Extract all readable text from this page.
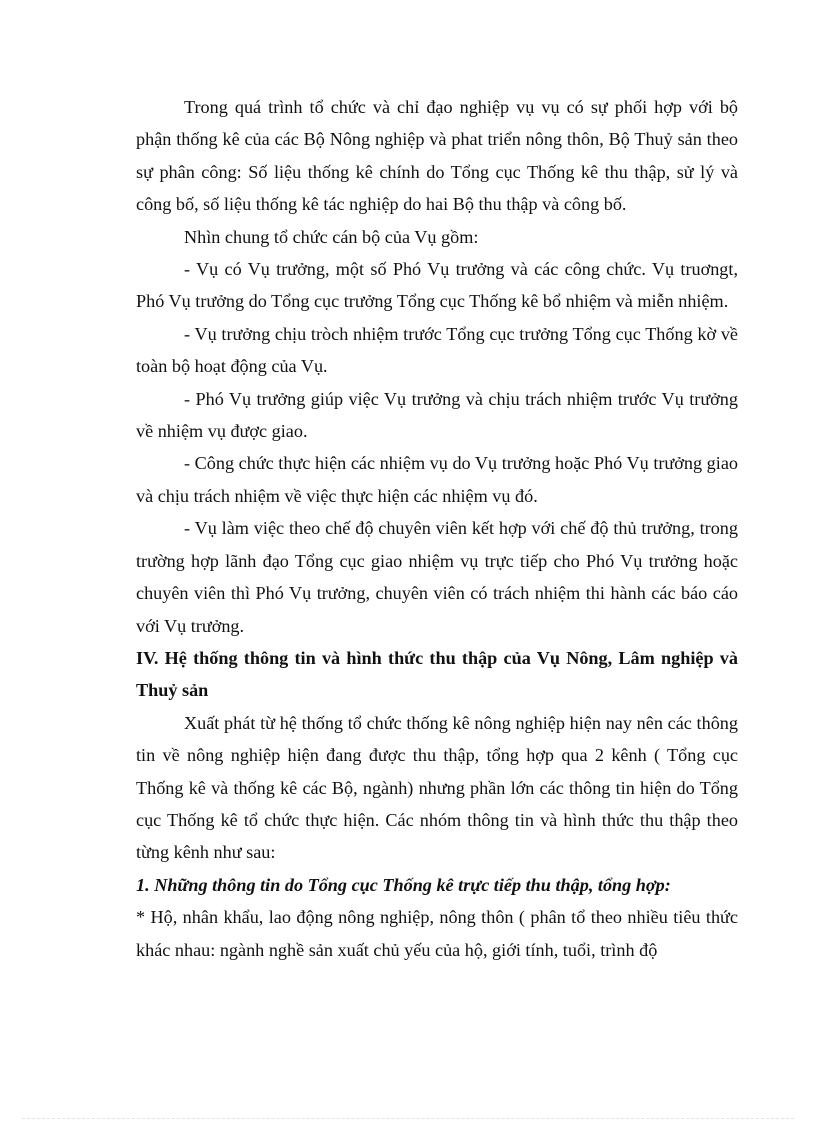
Trong quá trình tổ chức và chỉ đạo nghiệp vụ vụ có sự phối hợp với bộ phận thống kê của các Bộ Nông nghiệp và phat triển nông thôn, Bộ Thuỷ sản theo sự phân công: Số liệu thống kê chính do Tổng cục Thống kê thu thập, sử lý và công bố, số liệu thống kê tác nghiệp do hai Bộ thu thập và công bố.

Nhìn chung tổ chức cán bộ của Vụ gồm:

- Vụ có Vụ trưởng, một số Phó Vụ trưởng và các công chức. Vụ truơngt, Phó Vụ trưởng do Tổng cục trưởng Tổng cục Thống kê bổ nhiệm và miễn nhiệm.

- Vụ trưởng chịu tròch nhiệm trước Tổng cục trưởng Tổng cục Thống kờ về toàn bộ hoạt động của Vụ.

- Phó Vụ trưởng giúp việc Vụ trưởng và chịu trách nhiệm trước Vụ trưởng về nhiệm vụ được giao.

- Công chức thực hiện các nhiệm vụ do Vụ trưởng hoặc Phó Vụ trưởng giao và chịu trách nhiệm về việc thực hiện các nhiệm vụ đó.

- Vụ làm việc theo chế độ chuyên viên kết hợp với chế độ thủ trưởng, trong trường hợp lãnh đạo Tổng cục giao nhiệm vụ trực tiếp cho Phó Vụ trưởng hoặc chuyên viên thì Phó Vụ trưởng, chuyên viên có trách nhiệm thi hành các báo cáo với Vụ trưởng.

IV. Hệ thống thông tin và hình thức thu thập của Vụ Nông, Lâm nghiệp và Thuỷ sản

Xuất phát từ hệ thống tổ chức thống kê nông nghiệp hiện nay nên các thông tin về nông nghiệp hiện đang được thu thập, tổng hợp qua 2 kênh ( Tổng cục Thống kê và thống kê các Bộ, ngành) nhưng phần lớn các thông tin hiện do Tổng cục Thống kê tổ chức thực hiện. Các nhóm thông tin và hình thức thu thập theo từng kênh như sau:

1. Những thông tin do Tổng cục Thống kê trực tiếp thu thập, tổng hợp:

* Hộ, nhân khẩu, lao động nông nghiệp, nông thôn ( phân tổ theo nhiều tiêu thức khác nhau: ngành nghề sản xuất chủ yếu của hộ, giới tính, tuổi, trình độ
